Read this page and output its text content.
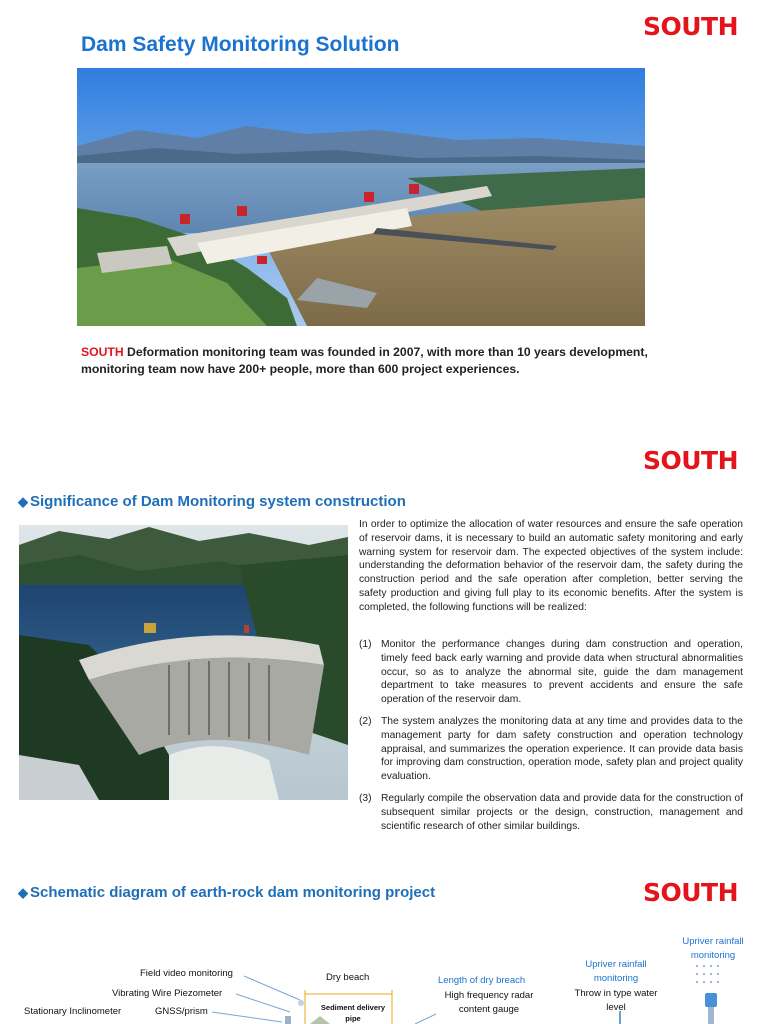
SOUTH
Dam Safety Monitoring Solution
SOUTH Deformation monitoring team was founded in 2007, with more than 10 years development, monitoring team now have 200+ people, more than 600 project experiences.
SOUTH
◆ Significance of Dam Monitoring system construction
In order to optimize the allocation of water resources and ensure the safe operation of reservoir dams, it is necessary to build an automatic safety monitoring and early warning system for reservoir dam. The expected objectives of the system include: understanding the deformation behavior of the reservoir dam, the safety during the construction period and the safe operation after completion, better serving the safety production and giving full play to its economic benefits. After the system is completed, the following functions will be realized:
(1) Monitor the performance changes during dam construction and operation, timely feed back early warning and provide data when structural abnormalities occur, so as to analyze the abnormal site, guide the dam management department to take measures to prevent accidents and ensure the safe operation of the reservoir dam.
(2) The system analyzes the monitoring data at any time and provides data to the management party for dam safety construction and operation technology appraisal, and summarizes the operation experience. It can provide data basis for improving dam construction, operation mode, safety plan and project quality evaluation.
(3) Regularly compile the observation data and provide data for the construction of subsequent similar projects or the design, construction, management and scientific research of other similar buildings.
SOUTH
◆ Schematic diagram of earth-rock dam monitoring project
Field video monitoring
Vibrating Wire Piezometer
Stationary Inclinometer	GNSS/prism
Dry beach
Sediment delivery pipe
Length of dry breach
High frequency radar content gauge
Upriver rainfall monitoring
Throw in type water level
Upriver rainfall monitoring
